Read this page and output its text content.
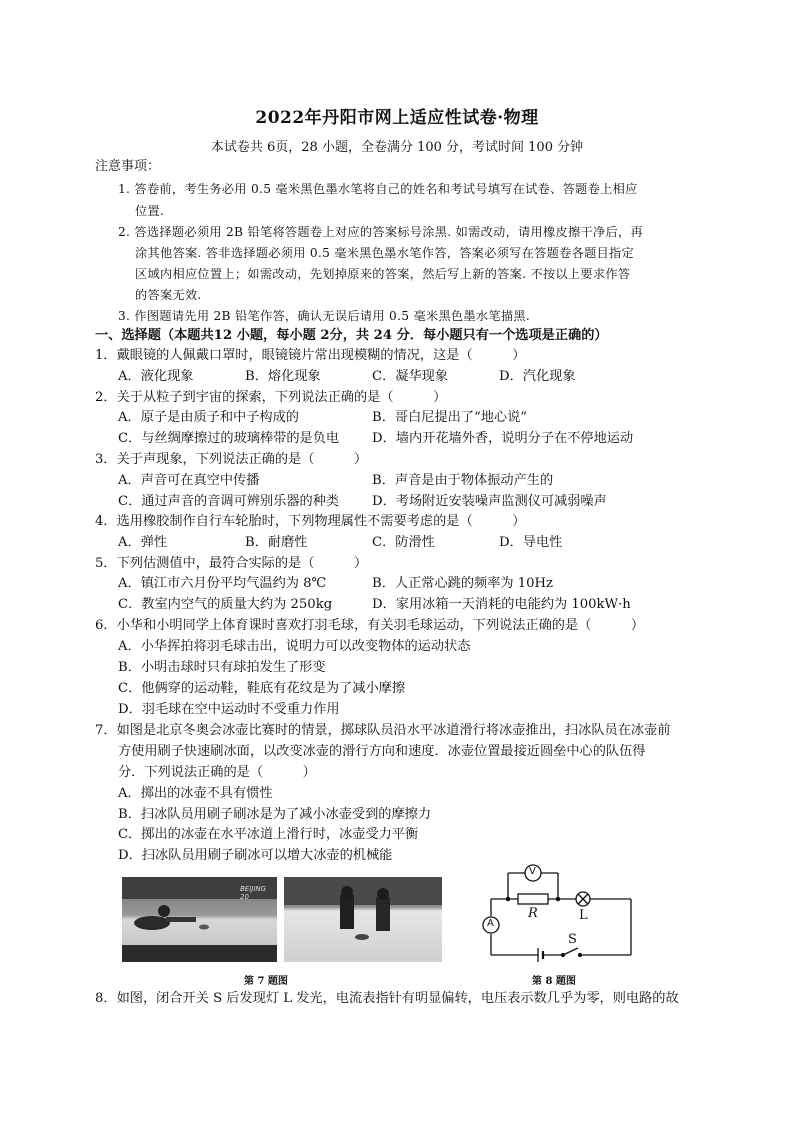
2022年丹阳市网上适应性试卷·物理
本试卷共 6页，28 小题，全卷满分 100 分，考试时间 100 分钟
注意事项：
1. 答卷前，考生务必用 0.5 毫米黑色墨水笔将自己的姓名和考试号填写在试卷、答题卷上相应
位置.
2. 答选择题必须用 2B 铅笔将答题卷上对应的答案标号涂黑. 如需改动，请用橡皮擦干净后，再
涂其他答案. 答非选择题必须用 0.5 毫米黑色墨水笔作答，答案必须写在答题卷各题目指定
区域内相应位置上；如需改动，先划掉原来的答案，然后写上新的答案. 不按以上要求作答
的答案无效.
3. 作图题请先用 2B 铅笔作答，确认无误后请用 0.5 毫米黑色墨水笔描黑.
一、选择题（本题共12 小题，每小题 2分，共 24 分．每小题只有一个选项是正确的）
1．戴眼镜的人佩戴口罩时，眼镜镜片常出现模糊的情况，这是（　　　）
A．液化现象	B．熔化现象	C．凝华现象	D．汽化现象
2．关于从粒子到宇宙的探索，下列说法正确的是（　　　）
A．原子是由质子和中子构成的	B．哥白尼提出了“地心说”
C．与丝绸摩擦过的玻璃棒带的是负电 D．墙内开花墙外香，说明分子在不停地运动
3．关于声现象，下列说法正确的是（　　　）
A．声音可在真空中传播	B．声音是由于物体振动产生的
C．通过声音的音调可辨别乐器的种类 D．考场附近安装噪声监测仪可减弱噪声
4．选用橡胶制作自行车轮胎时，下列物理属性不需要考虑的是（　　　）
A．弹性	B．耐磨性	C．防滑性	D．导电性
5．下列估测值中，最符合实际的是（　　　）
A．镇江市六月份平均气温约为 8℃	B．人正常心跳的频率为 10Hz
C．教室内空气的质量大约为 250kg	D．家用冰箱一天消耗的电能约为 100kW·h
6．小华和小明同学上体育课时喜欢打羽毛球，有关羽毛球运动，下列说法正确的是（　　　）
A．小华挥拍将羽毛球击出，说明力可以改变物体的运动状态
B．小明击球时只有球拍发生了形变
C．他俩穿的运动鞋，鞋底有花纹是为了减小摩擦
D．羽毛球在空中运动时不受重力作用
7．如图是北京冬奥会冰壶比赛时的情景，掷球队员沿水平冰道滑行将冰壶推出，扫冰队员在冰壶前
方使用刷子快速刷冰面，以改变冰壶的滑行方向和速度．冰壶位置最接近圆垒中心的队伍得
分．下列说法正确的是（　　　）
A．掷出的冰壶不具有惯性
B．扫冰队员用刷子刷冰是为了减小冰壶受到的摩擦力
C．掷出的冰壶在水平冰道上滑行时，冰壶受力平衡
D．扫冰队员用刷子刷冰可以增大冰壶的机械能
BEIJING 20
V
A
R	L
S
第 7 题图	第 8 题图
8．如图，闭合开关 S 后发现灯 L 发光，电流表指针有明显偏转，电压表示数几乎为零，则电路的故
